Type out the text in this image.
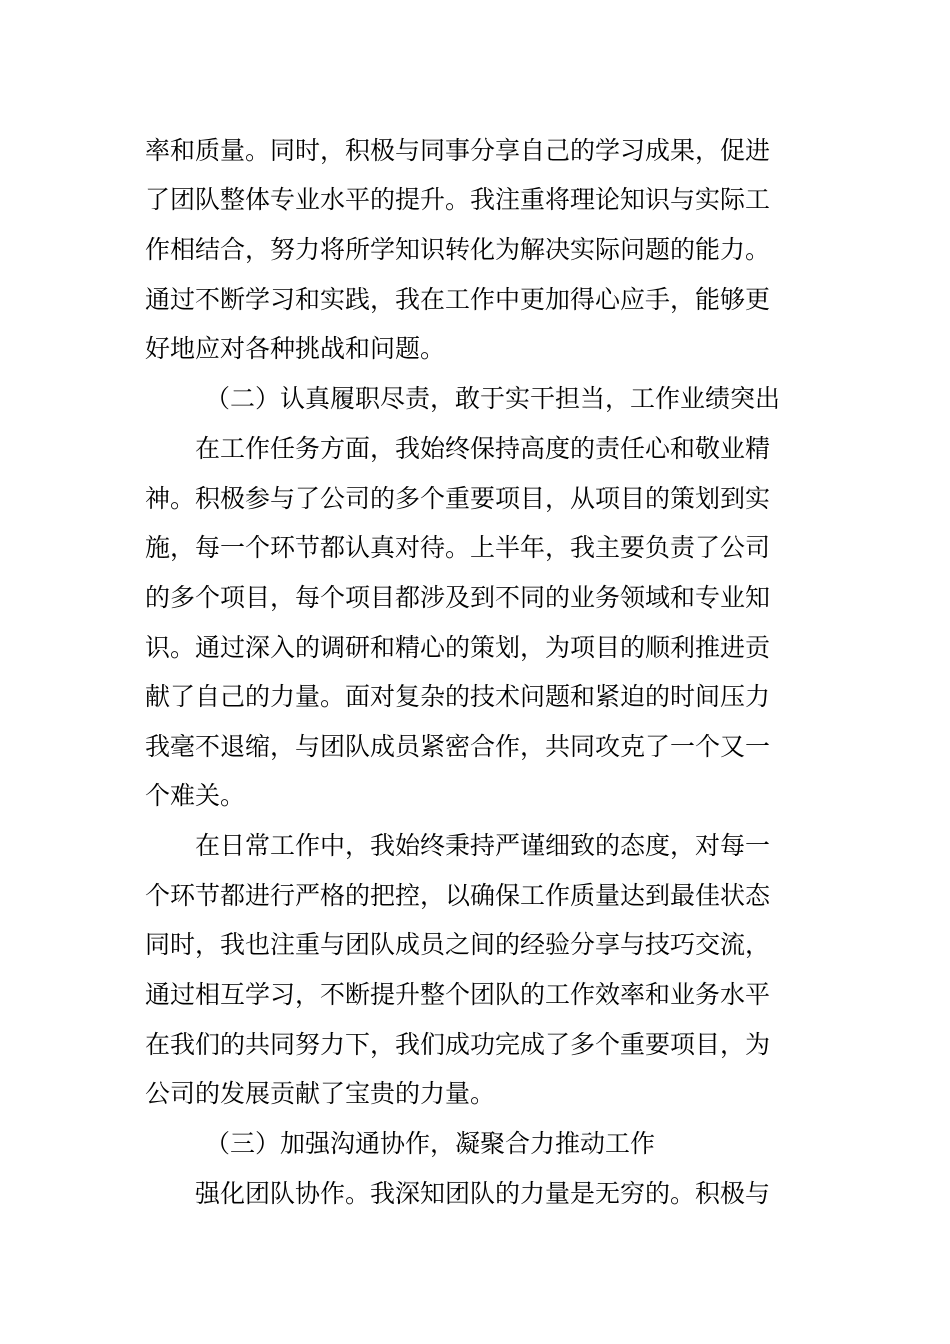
率和质量。同时，积极与同事分享自己的学习成果，促进
了团队整体专业水平的提升。我注重将理论知识与实际工
作相结合，努力将所学知识转化为解决实际问题的能力。
通过不断学习和实践，我在工作中更加得心应手，能够更
好地应对各种挑战和问题。
（二）认真履职尽责，敢于实干担当，工作业绩突出
在工作任务方面，我始终保持高度的责任心和敬业精
神。积极参与了公司的多个重要项目，从项目的策划到实
施，每一个环节都认真对待。上半年，我主要负责了公司
的多个项目，每个项目都涉及到不同的业务领域和专业知
识。通过深入的调研和精心的策划，为项目的顺利推进贡
献了自己的力量。面对复杂的技术问题和紧迫的时间压力
我毫不退缩，与团队成员紧密合作，共同攻克了一个又一
个难关。
在日常工作中，我始终秉持严谨细致的态度，对每一
个环节都进行严格的把控，以确保工作质量达到最佳状态
同时，我也注重与团队成员之间的经验分享与技巧交流，
通过相互学习，不断提升整个团队的工作效率和业务水平
在我们的共同努力下，我们成功完成了多个重要项目，为
公司的发展贡献了宝贵的力量。
（三）加强沟通协作，凝聚合力推动工作
强化团队协作。我深知团队的力量是无穷的。积极与
